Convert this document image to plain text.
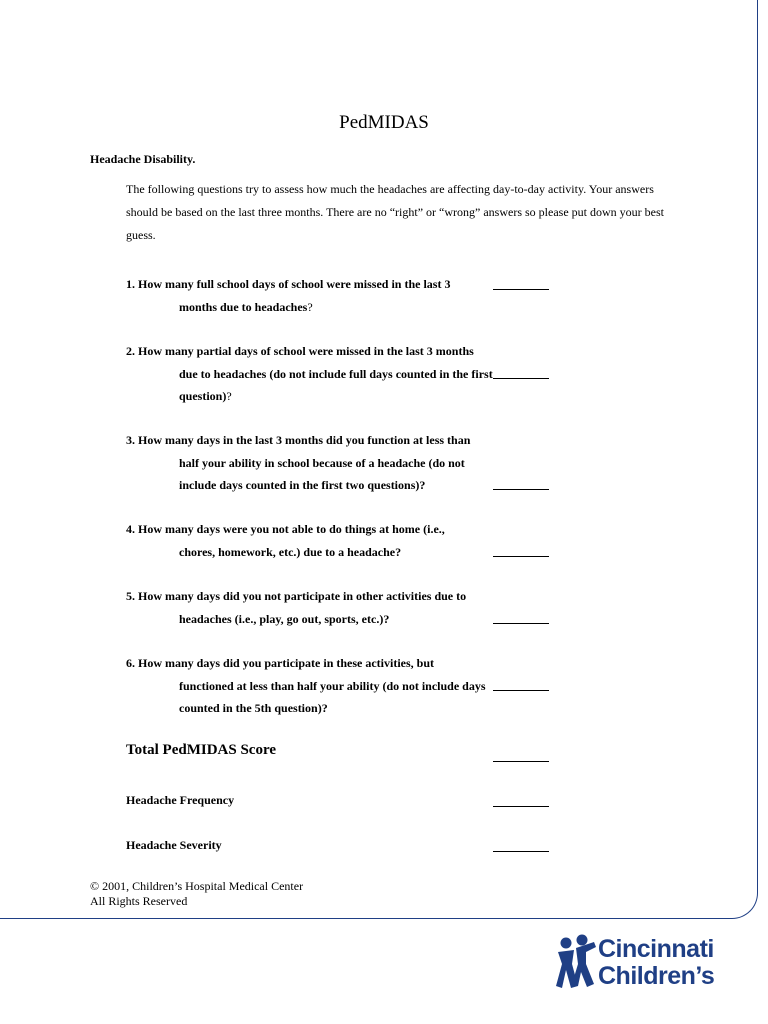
PedMIDAS
Headache Disability.
The following questions try to assess how much the headaches are affecting day-to-day activity. Your answers should be based on the last three months. There are no “right” or “wrong” answers so please put down your best guess.
1. How many full school days of school were missed in the last 3
months due to headaches?
2. How many partial days of school were missed in the last 3 months
due to headaches (do not include full days counted in the first question)?
3. How many days in the last 3 months did you function at less than
half your ability in school because of a headache (do not include days counted in the first two questions)?
4. How many days were you not able to do things at home (i.e.,
chores, homework, etc.) due to a headache?
5. How many days did you not participate in other activities due to
headaches (i.e., play, go out, sports, etc.)?
6. How many days did you participate in these activities, but
functioned at less than half your ability (do not include days counted in the 5th question)?
Total PedMIDAS Score
Headache Frequency
Headache Severity
© 2001, Children’s Hospital Medical Center
All Rights Reserved
Cincinnati
Children’s
